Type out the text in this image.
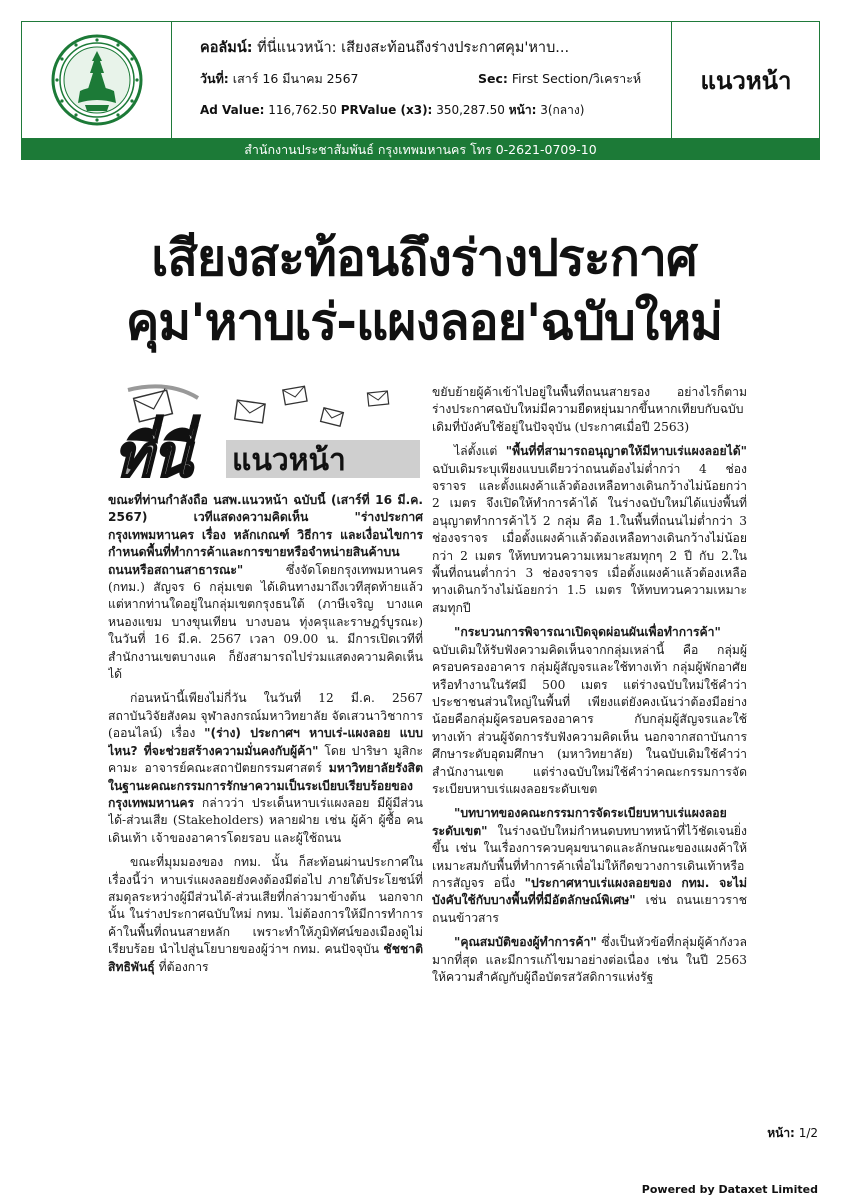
คอลัมน์: ที่นี่แนวหน้า: เสียงสะท้อนถึงร่างประกาศคุม'หาบ...
วันที่: เสาร์ 16 มีนาคม 2567	Sec: First Section/วิเคราะห์
Ad Value: 116,762.50 PRValue (x3): 350,287.50 หน้า: 3(กลาง)
แนวหน้า
สำนักงานประชาสัมพันธ์ กรุงเทพมหานคร โทร 0-2621-0709-10
เสียงสะท้อนถึงร่างประกาศ
คุม'หาบเร่-แผงลอย'ฉบับใหม่
ที่นี่ แนวหน้า

ขณะที่ท่านกำลังถือ นสพ.แนวหน้า ฉบับนี้ (เสาร์ที่ 16 มี.ค. 2567) เวทีแสดงความคิดเห็น "ร่างประกาศกรุงเทพมหานคร เรื่อง หลักเกณฑ์ วิธีการ และเงื่อนไขการกำหนดพื้นที่ทำการค้าและการขายหรือจำหน่ายสินค้าบนถนนหรือสถานสาธารณะ" ซึ่งจัดโดยกรุงเทพมหานคร (กทม.) สัญจร 6 กลุ่มเขต ได้เดินทางมาถึงเวทีสุดท้ายแล้ว แต่หากท่านใดอยู่ในกลุ่มเขตกรุงธนใต้ (ภาษีเจริญ บางแค หนองแขม บางขุนเทียน บางบอน ทุ่งครุและราษฎร์บูรณะ) ในวันที่ 16 มี.ค. 2567 เวลา 09.00 น. มีการเปิดเวทีที่สำนักงานเขตบางแค ก็ยังสามารถไปร่วมแสดงความคิดเห็นได้

ก่อนหน้านี้เพียงไม่กี่วัน ในวันที่ 12 มี.ค. 2567 สถาบันวิจัยสังคม จุฬาลงกรณ์มหาวิทยาลัย จัดเสวนาวิชาการ (ออนไลน์) เรื่อง "(ร่าง) ประกาศฯ หาบเร่-แผงลอย แบบไหน? ที่จะช่วยสร้างความมั่นคงกับผู้ค้า" โดย ปาริษา มูสิกะคามะ อาจารย์คณะสถาปัตยกรรมศาสตร์ มหาวิทยาลัยรังสิต ในฐานะคณะกรรมการรักษาความเป็นระเบียบเรียบร้อยของกรุงเทพมหานคร กล่าวว่า ประเด็นหาบเร่แผงลอย มีผู้มีส่วนได้-ส่วนเสีย (Stakeholders) หลายฝ่าย เช่น ผู้ค้า ผู้ซื้อ คนเดินเท้า เจ้าของอาคารโดยรอบ และผู้ใช้ถนน

ขณะที่มุมมองของ กทม. นั้น ก็สะท้อนผ่านประกาศในเรื่องนี้ว่า หาบเร่แผงลอยยังคงต้องมีต่อไป ภายใต้ประโยชน์ที่สมดุลระหว่างผู้มีส่วนได้-ส่วนเสียที่กล่าวมาข้างต้น นอกจากนั้น ในร่างประกาศฉบับใหม่ กทม. ไม่ต้องการให้มีการทำการค้าในพื้นที่ถนนสายหลัก เพราะทำให้ภูมิทัศน์ของเมืองดูไม่เรียบร้อย นำไปสู่นโยบายของผู้ว่าฯ กทม. คนปัจจุบัน ชัชชาติ สิทธิพันธุ์ ที่ต้องการ

ขยับย้ายผู้ค้าเข้าไปอยู่ในพื้นที่ถนนสายรอง อย่างไรก็ตาม ร่างประกาศฉบับใหม่มีความยืดหยุ่นมากขึ้นหากเทียบกับฉบับเดิมที่บังคับใช้อยู่ในปัจจุบัน (ประกาศเมื่อปี 2563)

ไล่ตั้งแต่ "พื้นที่ที่สามารถอนุญาตให้มีหาบเร่แผงลอยได้" ฉบับเดิมระบุเพียงแบบเดียวว่าถนนต้องไม่ต่ำกว่า 4 ช่องจราจร และตั้งแผงค้าแล้วต้องเหลือทางเดินกว้างไม่น้อยกว่า 2 เมตร จึงเปิดให้ทำการค้าได้ ในร่างฉบับใหม่ได้แบ่งพื้นที่อนุญาตทำการค้าไว้ 2 กลุ่ม คือ 1.ในพื้นที่ถนนไม่ต่ำกว่า 3 ช่องจราจร เมื่อตั้งแผงค้าแล้วต้องเหลือทางเดินกว้างไม่น้อยกว่า 2 เมตร ให้ทบทวนความเหมาะสมทุกๆ 2 ปี กับ 2.ในพื้นที่ถนนต่ำกว่า 3 ช่องจราจร เมื่อตั้งแผงค้าแล้วต้องเหลือทางเดินกว้างไม่น้อยกว่า 1.5 เมตร ให้ทบทวนความเหมาะสมทุกปี

"กระบวนการพิจารณาเปิดจุดผ่อนผันเพื่อทำการค้า" ฉบับเดิมให้รับฟังความคิดเห็นจากกลุ่มเหล่านี้ คือ กลุ่มผู้ครอบครองอาคาร กลุ่มผู้สัญจรและใช้ทางเท้า กลุ่มผู้พักอาศัยหรือทำงานในรัศมี 500 เมตร แต่ร่างฉบับใหม่ใช้คำว่าประชาชนส่วนใหญ่ในพื้นที่ เพียงแต่ยังคงเน้นว่าต้องมีอย่างน้อยคือกลุ่มผู้ครอบครองอาคาร กับกลุ่มผู้สัญจรและใช้ทางเท้า ส่วนผู้จัดการรับฟังความคิดเห็น นอกจากสถาบันการศึกษาระดับอุดมศึกษา (มหาวิทยาลัย) ในฉบับเดิมใช้คำว่าสำนักงานเขต แต่ร่างฉบับใหม่ใช้คำว่าคณะกรรมการจัดระเบียบหาบเร่แผงลอยระดับเขต

"บทบาทของคณะกรรมการจัดระเบียบหาบเร่แผงลอยระดับเขต" ในร่างฉบับใหม่กำหนดบทบาทหน้าที่ไว้ชัดเจนยิ่งขึ้น เช่น ในเรื่องการควบคุมขนาดและลักษณะของแผงค้าให้เหมาะสมกับพื้นที่ทำการค้าเพื่อไม่ให้กีดขวางการเดินเท้าหรือการสัญจร อนึ่ง "ประกาศหาบเร่แผงลอยของ กทม. จะไม่บังคับใช้กับบางพื้นที่ที่มีอัตลักษณ์พิเศษ" เช่น ถนนเยาวราช ถนนข้าวสาร

"คุณสมบัติของผู้ทำการค้า" ซึ่งเป็นหัวข้อที่กลุ่มผู้ค้ากังวลมากที่สุด และมีการแก้ไขมาอย่างต่อเนื่อง เช่น ในปี 2563 ให้ความสำคัญกับผู้ถือบัตรสวัสดิการแห่งรัฐ

หน้า: 1/2
Powered by Dataxet Limited
